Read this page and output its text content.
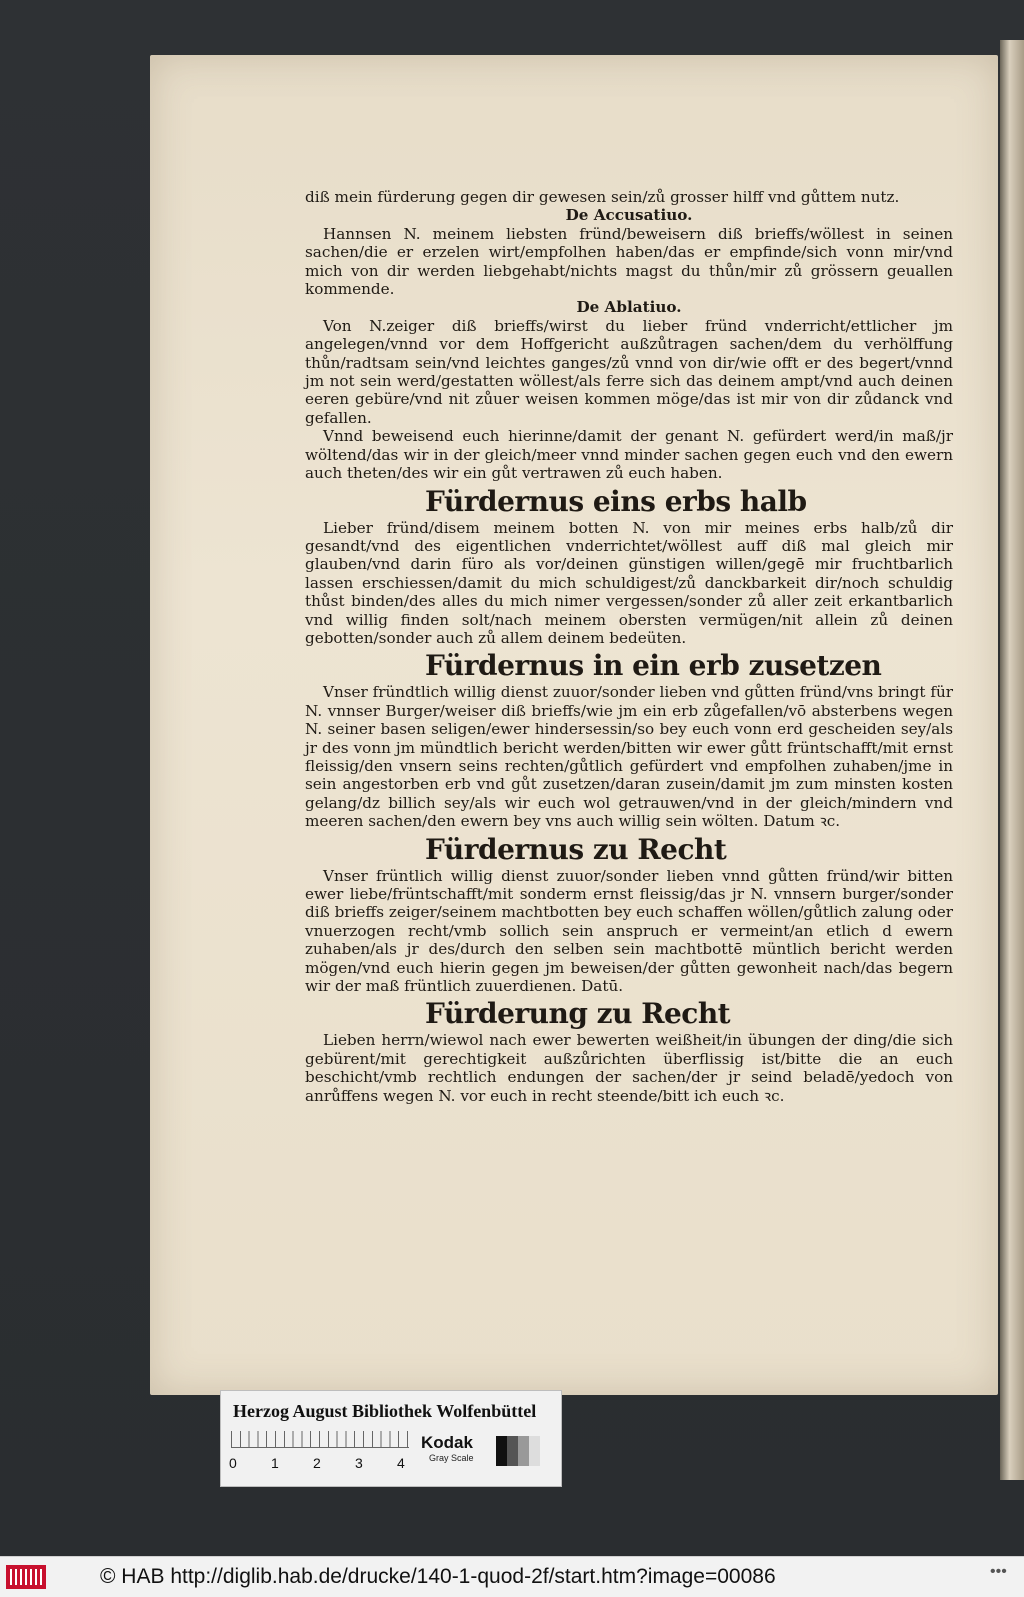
diß mein fürderung gegen dir gewesen sein/zů grosser hilff vnd gůttem nutz.

De Accusatiuo.

Hannsen N. meinem liebsten fründ/beweisern diß brieffs/wöllest in seinen sachen/die er erzelen wirt/empfolhen haben/das er empfinde/sich vonn mir/vnd mich von dir werden liebgehabt/nichts magst du thůn/mir zů grössern geuallen kommende.

De Ablatiuo.

Von N.zeiger diß brieffs/wirst du lieber fründ vnderricht/ettlicher jm angelegen/vnnd vor dem Hoffgericht außzůtragen sachen/dem du verhölffung thůn/radtsam sein/vnd leichtes ganges/zů vnnd von dir/wie offt er des begert/vnnd jm not sein werd/gestatten wöllest/als ferre sich das deinem ampt/vnd auch deinen eeren gebüre/vnd nit zůuer weisen kommen möge/das ist mir von dir zůdanck vnd gefallen.

Vnnd beweisend euch hierinne/damit der genant N. gefürdert werd/in maß/jr wöltend/das wir in der gleich/meer vnnd minder sachen gegen euch vnd den ewern auch theten/des wir ein gůt vertrawen zů euch haben.

Fürdernus eins erbs halb

Lieber fründ/disem meinem botten N. von mir meines erbs halb/zů dir gesandt/vnd des eigentlichen vnderrichtet/wöllest auff diß mal gleich mir glauben/vnd darin füro als vor/deinen günstigen willen/gegē mir fruchtbarlich lassen erschiessen/damit du mich schuldigest/zů danckbarkeit dir/noch schuldig thůst binden/des alles du mich nimer vergessen/sonder zů aller zeit erkantbarlich vnd willig finden solt/nach meinem obersten vermügen/nit allein zů deinen gebotten/sonder auch zů allem deinem bedeüten.

Fürdernus in ein erb zusetzen

Vnser fründtlich willig dienst zuuor/sonder lieben vnd gůtten fründ/vns bringt für N. vnnser Burger/weiser diß brieffs/wie jm ein erb zůgefallen/vō absterbens wegen N. seiner basen seligen/ewer hindersessin/so bey euch vonn erd gescheiden sey/als jr des vonn jm mündtlich bericht werden/bitten wir ewer gůtt früntschafft/mit ernst fleissig/den vnsern seins rechten/gůtlich gefürdert vnd empfolhen zuhaben/jme in sein angestorben erb vnd gůt zusetzen/daran zusein/damit jm zum minsten kosten gelang/dz billich sey/als wir euch wol getrauwen/vnd in der gleich/mindern vnd meeren sachen/den ewern bey vns auch willig sein wölten. Datum ꝛc.

Fürdernus zu Recht

Vnser früntlich willig dienst zuuor/sonder lieben vnnd gůtten fründ/wir bitten ewer liebe/früntschafft/mit sonderm ernst fleissig/das jr N. vnnsern burger/sonder diß brieffs zeiger/seinem machtbotten bey euch schaffen wöllen/gůtlich zalung oder vnuerzogen recht/vmb sollich sein anspruch er vermeint/an etlich d ewern zuhaben/als jr des/durch den selben sein machtbottē müntlich bericht werden mögen/vnd euch hierin gegen jm beweisen/der gůtten gewonheit nach/das begern wir der maß früntlich zuuerdienen. Datū.

Fürderung zu Recht

Lieben herrn/wiewol nach ewer bewerten weißheit/in übungen der ding/die sich gebürent/mit gerechtigkeit außzůrichten überflissig ist/bitte die an euch beschicht/vmb rechtlich endungen der sachen/der jr seind beladē/yedoch von anrůffens wegen N. vor euch in recht steende/bitt ich euch ꝛc.

Herzog August Bibliothek Wolfenbüttel
0 1 2 3 4
Kodak
Gray Scale
© HAB http://diglib.hab.de/drucke/140-1-quod-2f/start.htm?image=00086	•••
